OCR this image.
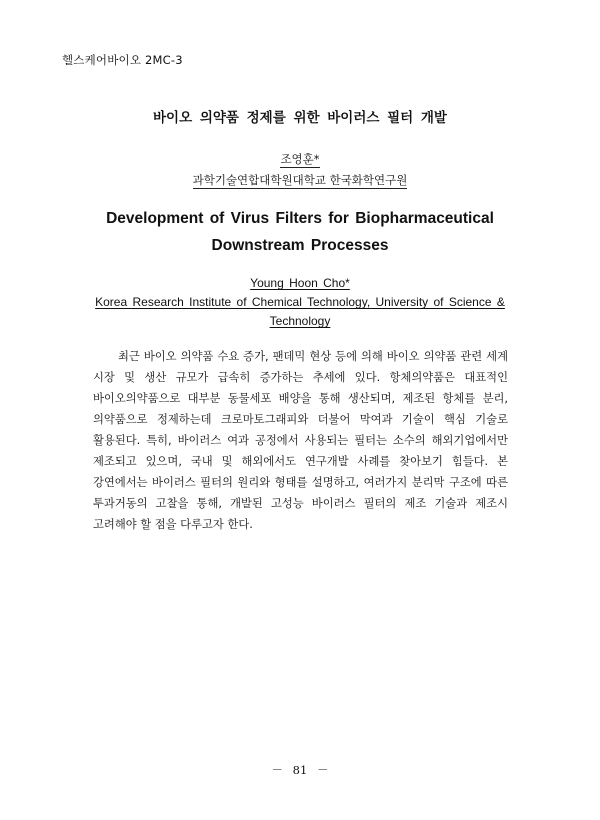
헬스케어바이오 2MC-3
바이오 의약품 정제를 위한 바이러스 필터 개발
조영훈*
과학기술연합대학원대학교 한국화학연구원
Development of Virus Filters for Biopharmaceutical Downstream Processes
Young Hoon Cho*
Korea Research Institute of Chemical Technology, University of Science & Technology
최근 바이오 의약품 수요 증가, 팬데믹 현상 등에 의해 바이오 의약품 관련 세계 시장 및 생산 규모가 급속히 증가하는 추세에 있다. 항체의약품은 대표적인 바이오의약품으로 대부분 동물세포 배양을 통해 생산되며, 제조된 항체를 분리, 의약품으로 정제하는데 크로마토그래피와 더불어 막여과 기술이 핵심 기술로 활용된다. 특히, 바이러스 여과 공정에서 사용되는 필터는 소수의 해외기업에서만 제조되고 있으며, 국내 및 해외에서도 연구개발 사례를 찾아보기 힘들다. 본 강연에서는 바이러스 필터의 원리와 형태를 설명하고, 여러가지 분리막 구조에 따른 투과거동의 고찰을 통해, 개발된 고성능 바이러스 필터의 제조 기술과 제조시 고려해야 할 점을 다루고자 한다.
－ 81 －
